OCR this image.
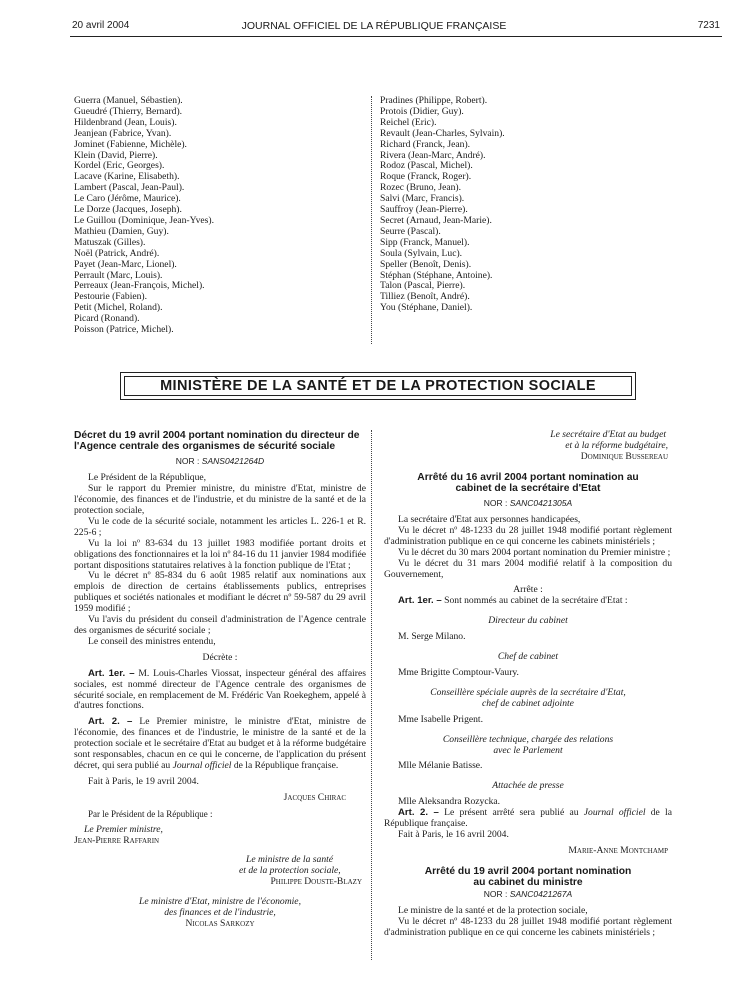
20 avril 2004	JOURNAL OFFICIEL DE LA RÉPUBLIQUE FRANÇAISE	7231
Guerra (Manuel, Sébastien).
Gueudré (Thierry, Bernard).
Hildenbrand (Jean, Louis).
Jeanjean (Fabrice, Yvan).
Jominet (Fabienne, Michèle).
Klein (David, Pierre).
Kordel (Eric, Georges).
Lacave (Karine, Elisabeth).
Lambert (Pascal, Jean-Paul).
Le Caro (Jérôme, Maurice).
Le Dorze (Jacques, Joseph).
Le Guillou (Dominique, Jean-Yves).
Mathieu (Damien, Guy).
Matuszak (Gilles).
Noël (Patrick, André).
Payet (Jean-Marc, Lionel).
Perrault (Marc, Louis).
Perreaux (Jean-François, Michel).
Pestourie (Fabien).
Petit (Michel, Roland).
Picard (Ronand).
Poisson (Patrice, Michel).
Pradines (Philippe, Robert).
Protois (Didier, Guy).
Reichel (Eric).
Revault (Jean-Charles, Sylvain).
Richard (Franck, Jean).
Rivera (Jean-Marc, André).
Rodoz (Pascal, Michel).
Roque (Franck, Roger).
Rozec (Bruno, Jean).
Salvi (Marc, Francis).
Sauffroy (Jean-Pierre).
Secret (Arnaud, Jean-Marie).
Seurre (Pascal).
Sipp (Franck, Manuel).
Soula (Sylvain, Luc).
Speller (Benoît, Denis).
Stéphan (Stéphane, Antoine).
Talon (Pascal, Pierre).
Tilliez (Benoît, André).
You (Stéphane, Daniel).
MINISTÈRE DE LA SANTÉ ET DE LA PROTECTION SOCIALE

Décret du 19 avril 2004 portant nomination du directeur de l'Agence centrale des organismes de sécurité sociale

NOR : SANS0421264D

Le Président de la République,

Sur le rapport du Premier ministre, du ministre d'Etat, ministre de l'économie, des finances et de l'industrie, et du ministre de la santé et de la protection sociale,

Vu le code de la sécurité sociale, notamment les articles L. 226-1 et R. 225-6 ;

Vu la loi nº 83-634 du 13 juillet 1983 modifiée portant droits et obligations des fonctionnaires et la loi nº 84-16 du 11 janvier 1984 modifiée portant dispositions statutaires relatives à la fonction publique de l'Etat ;

Vu le décret nº 85-834 du 6 août 1985 relatif aux nominations aux emplois de direction de certains établissements publics, entreprises publiques et sociétés nationales et modifiant le décret nº 59-587 du 29 avril 1959 modifié ;

Vu l'avis du président du conseil d'administration de l'Agence centrale des organismes de sécurité sociale ;

Le conseil des ministres entendu,

Décrète :

Art. 1er. – M. Louis-Charles Viossat, inspecteur général des affaires sociales, est nommé directeur de l'Agence centrale des organismes de sécurité sociale, en remplacement de M. Frédéric Van Roekeghem, appelé à d'autres fonctions.

Art. 2. – Le Premier ministre, le ministre d'Etat, ministre de l'économie, des finances et de l'industrie, le ministre de la santé et de la protection sociale et le secrétaire d'Etat au budget et à la réforme budgétaire sont responsables, chacun en ce qui le concerne, de l'application du présent décret, qui sera publié au Journal officiel de la République française.

Fait à Paris, le 19 avril 2004.

Jacques Chirac

Par le Président de la République :

Le Premier ministre,

Jean-Pierre Raffarin

Le ministre de la santé

et de la protection sociale,

Philippe Douste-Blazy

Le ministre d'Etat, ministre de l'économie,

des finances et de l'industrie,

Nicolas Sarkozy

Le secrétaire d'Etat au budget

et à la réforme budgétaire,

Dominique Bussereau

Arrêté du 16 avril 2004 portant nomination au cabinet de la secrétaire d'Etat

NOR : SANC0421305A

La secrétaire d'Etat aux personnes handicapées,

Vu le décret nº 48-1233 du 28 juillet 1948 modifié portant règlement d'administration publique en ce qui concerne les cabinets ministériels ;

Vu le décret du 30 mars 2004 portant nomination du Premier ministre ;

Vu le décret du 31 mars 2004 modifié relatif à la composition du Gouvernement,

Arrête :

Art. 1er. – Sont nommés au cabinet de la secrétaire d'Etat :

Directeur du cabinet

M. Serge Milano.

Chef de cabinet

Mme Brigitte Comptour-Vaury.

Conseillère spéciale auprès de la secrétaire d'Etat,

chef de cabinet adjointe

Mme Isabelle Prigent.

Conseillère technique, chargée des relations

avec le Parlement

Mlle Mélanie Batisse.

Attachée de presse

Mlle Aleksandra Rozycka.

Art. 2. – Le présent arrêté sera publié au Journal officiel de la République française.

Fait à Paris, le 16 avril 2004.

Marie-Anne Montchamp

Arrêté du 19 avril 2004 portant nomination au cabinet du ministre

NOR : SANC0421267A

Le ministre de la santé et de la protection sociale,

Vu le décret nº 48-1233 du 28 juillet 1948 modifié portant règlement d'administration publique en ce qui concerne les cabinets ministériels ;
